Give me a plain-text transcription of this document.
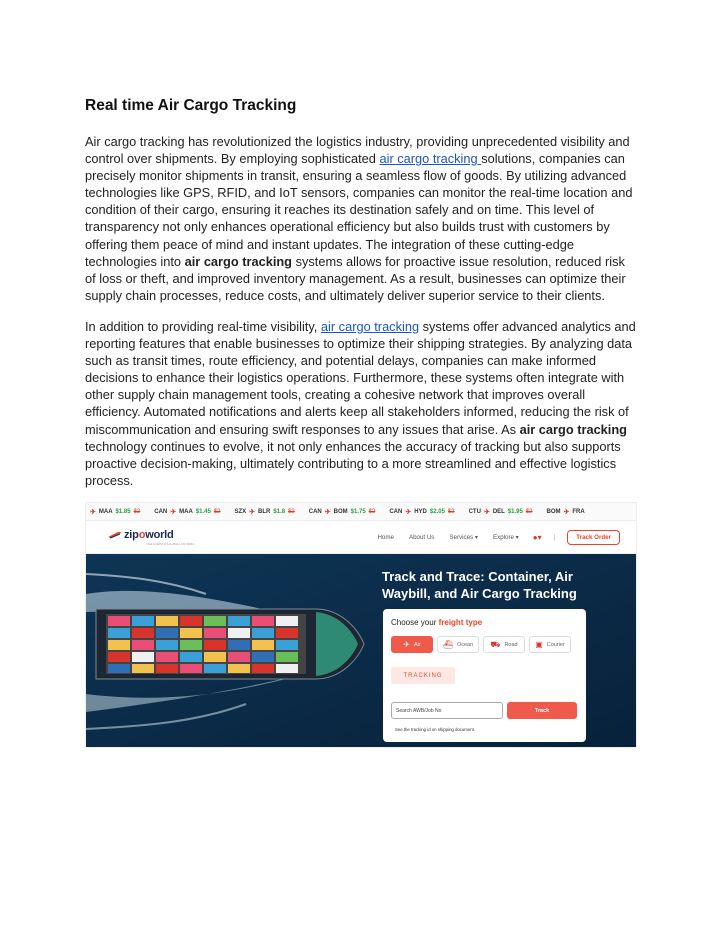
Real time Air Cargo Tracking

Air cargo tracking has revolutionized the logistics industry, providing unprecedented visibility and control over shipments. By employing sophisticated air cargo tracking solutions, companies can precisely monitor shipments in transit, ensuring a seamless flow of goods. By utilizing advanced technologies like GPS, RFID, and IoT sensors, companies can monitor the real-time location and condition of their cargo, ensuring it reaches its destination safely and on time. This level of transparency not only enhances operational efficiency but also builds trust with customers by offering them peace of mind and instant updates. The integration of these cutting-edge technologies into air cargo tracking systems allows for proactive issue resolution, reduced risk of loss or theft, and improved inventory management. As a result, businesses can optimize their supply chain processes, reduce costs, and ultimately deliver superior service to their clients.

In addition to providing real-time visibility, air cargo tracking systems offer advanced analytics and reporting features that enable businesses to optimize their shipping strategies. By analyzing data such as transit times, route efficiency, and potential delays, companies can make informed decisions to enhance their logistics operations. Furthermore, these systems often integrate with other supply chain management tools, creating a cohesive network that improves overall efficiency. Automated notifications and alerts keep all stakeholders informed, reducing the risk of miscommunication and ensuring swift responses to any issues that arise. As air cargo tracking technology continues to evolve, it not only enhances the accuracy of tracking but also supports proactive decision-making, ultimately contributing to a more streamlined and effective logistics process.

✈ MAA $1.85 $2 CAN ✈ MAA $1.45 $2 SZX ✈ BLR $1.8 $2 CAN ✈ BOM $1.75 $2 CAN ✈ HYD $2.05 $2 CTU ✈ DEL $1.95 $2 BOM ✈ FRA
zipoworld
THE LOGISTICS E-MALL OF INDIA
Home About Us Services ▾ Explore ▾ ●▾ |	Track Order
Track and Trace: Container, Air Waybill, and Air Cargo Tracking
Choose your freight type
✈ Air	⛴ Ocean ⛟ Road ▣ Courier
TRACKING
Search AWB/Job No	Track
See the tracking id on shipping document.
